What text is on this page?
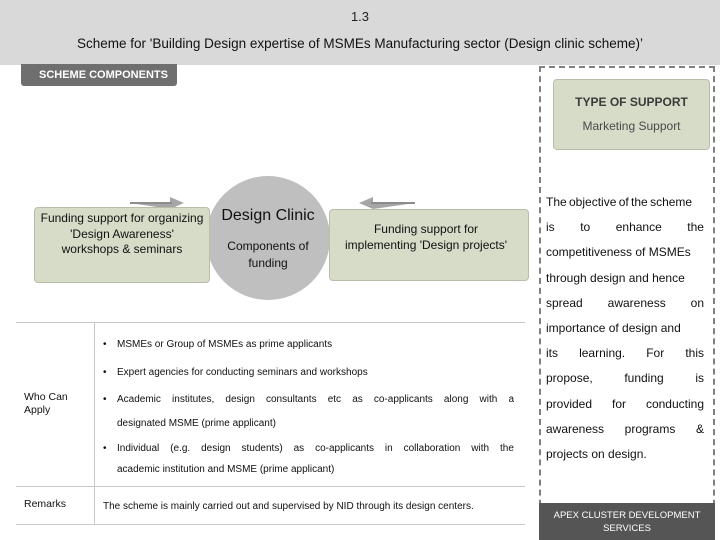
1.3
Scheme for 'Building Design expertise of MSMEs Manufacturing sector (Design clinic scheme)’
SCHEME COMPONENTS
TYPE OF SUPPORT
Marketing Support
The objective of the scheme
is to enhance the
competitiveness of MSMEs
through design and hence
spread awareness on
importance of design and
its learning. For this
propose,	funding	is
provided for conducting
awareness programs &
projects on design.
Design Clinic
Components of funding
Funding support for organizing 'Design Awareness' workshops & seminars
Funding support for implementing 'Design projects'
Who Can Apply
Remarks
• MSMEs or Group of MSMEs as prime applicants
• Expert agencies for conducting seminars and workshops
• Academic institutes, design consultants etc as co-applicants along with a
designated MSME (prime applicant)
• Individual (e.g. design students) as co-applicants in collaboration with the
academic institution and MSME (prime applicant)
The scheme is mainly carried out and supervised by NID through its design centers.
APEX CLUSTER DEVELOPMENT
SERVICES
